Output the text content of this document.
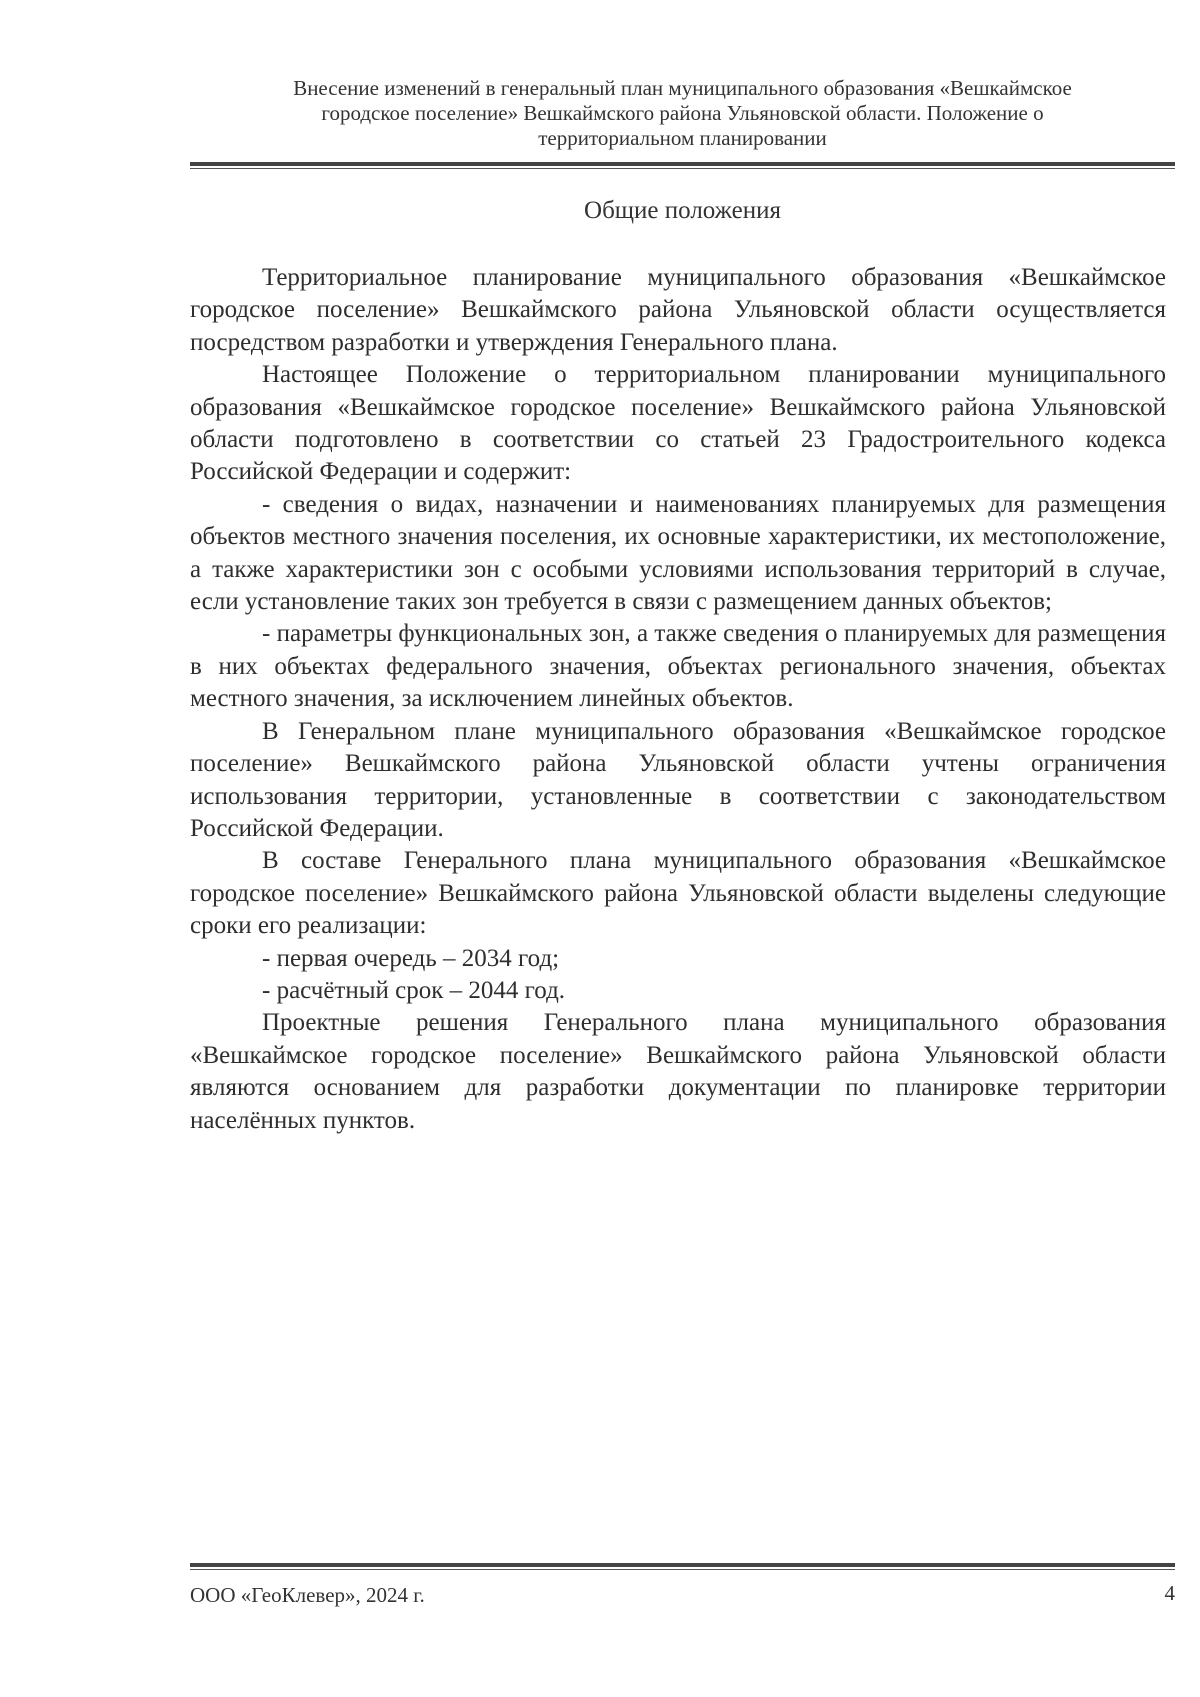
Внесение изменений в генеральный план муниципального образования «Вешкаймское
городское поселение» Вешкаймского района Ульяновской области. Положение о
территориальном планировании
Общие положения

Территориальное планирование муниципального образования «Вешкаймское городское поселение» Вешкаймского района Ульяновской области осуществляется посредством разработки и утверждения Генерального плана.

Настоящее Положение о территориальном планировании муниципального образования «Вешкаймское городское поселение» Вешкаймского района Ульяновской области подготовлено в соответствии со статьей 23 Градостроительного кодекса Российской Федерации и содержит:

- сведения о видах, назначении и наименованиях планируемых для размещения объектов местного значения поселения, их основные характеристики, их местоположение, а также характеристики зон с особыми условиями использования территорий в случае, если установление таких зон требуется в связи с размещением данных объектов;

- параметры функциональных зон, а также сведения о планируемых для размещения в них объектах федерального значения, объектах регионального значения, объектах местного значения, за исключением линейных объектов.

В Генеральном плане муниципального образования «Вешкаймское городское поселение» Вешкаймского района Ульяновской области учтены ограничения использования территории, установленные в соответствии с законодательством Российской Федерации.

В составе Генерального плана муниципального образования «Вешкаймское городское поселение» Вешкаймского района Ульяновской области выделены следующие сроки его реализации:

- первая очередь – 2034 год;

- расчётный срок – 2044 год.

Проектные решения Генерального плана муниципального образования «Вешкаймское городское поселение» Вешкаймского района Ульяновской области являются основанием для разработки документации по планировке территории населённых пунктов.

ООО «ГеоКлевер», 2024 г.	4
